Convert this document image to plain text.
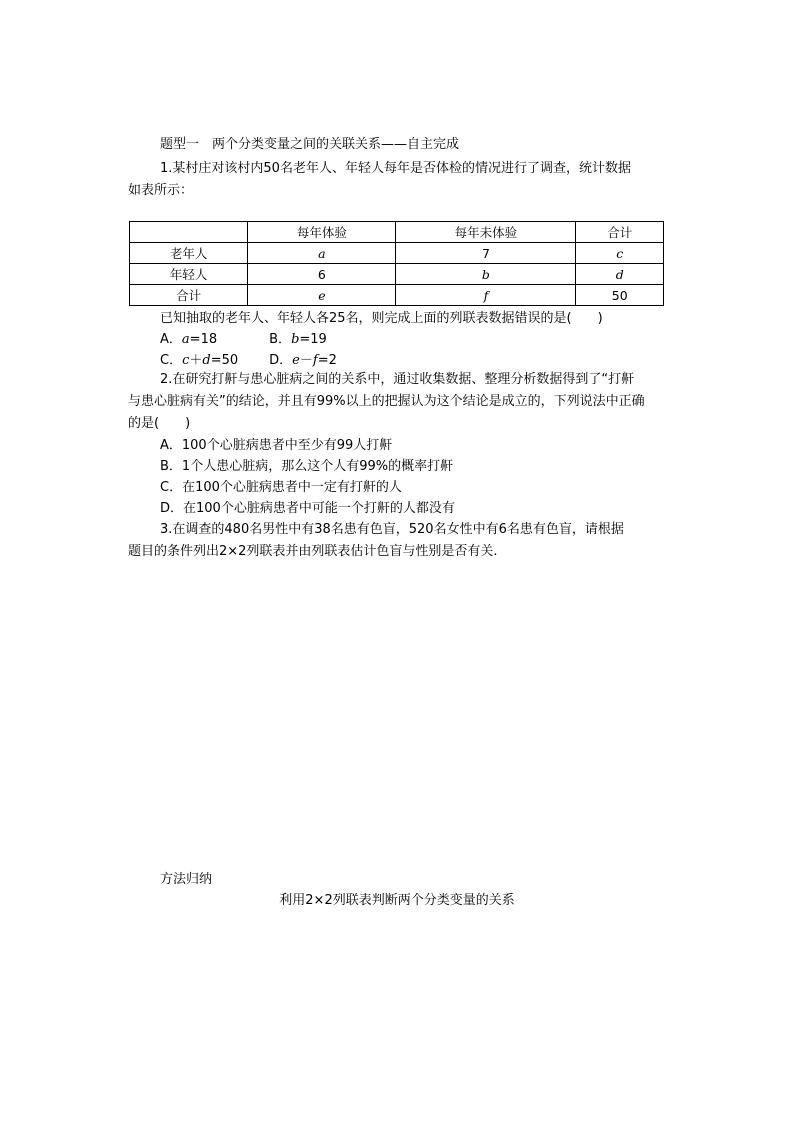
题型一　两个分类变量之间的关联关系——自主完成
1.某村庄对该村内50名老年人、年轻人每年是否体检的情况进行了调查，统计数据
如表所示：
	每年体验	每年未体验	合计
老年人	a	7	c
年轻人	6	b	d
合计	e	f	50
已知抽取的老年人、年轻人各25名，则完成上面的列联表数据错误的是(　　)
A．a=18	B．b=19
C．c＋d=50 D．e－f=2
2.在研究打鼾与患心脏病之间的关系中，通过收集数据、整理分析数据得到了“打鼾
与患心脏病有关”的结论，并且有99%以上的把握认为这个结论是成立的，下列说法中正确
的是(　　)
A．100个心脏病患者中至少有99人打鼾
B．1个人患心脏病，那么这个人有99%的概率打鼾
C．在100个心脏病患者中一定有打鼾的人
D．在100个心脏病患者中可能一个打鼾的人都没有
3.在调查的480名男性中有38名患有色盲，520名女性中有6名患有色盲，请根据
题目的条件列出2×2列联表并由列联表估计色盲与性别是否有关.
方法归纳
利用2×2列联表判断两个分类变量的关系
